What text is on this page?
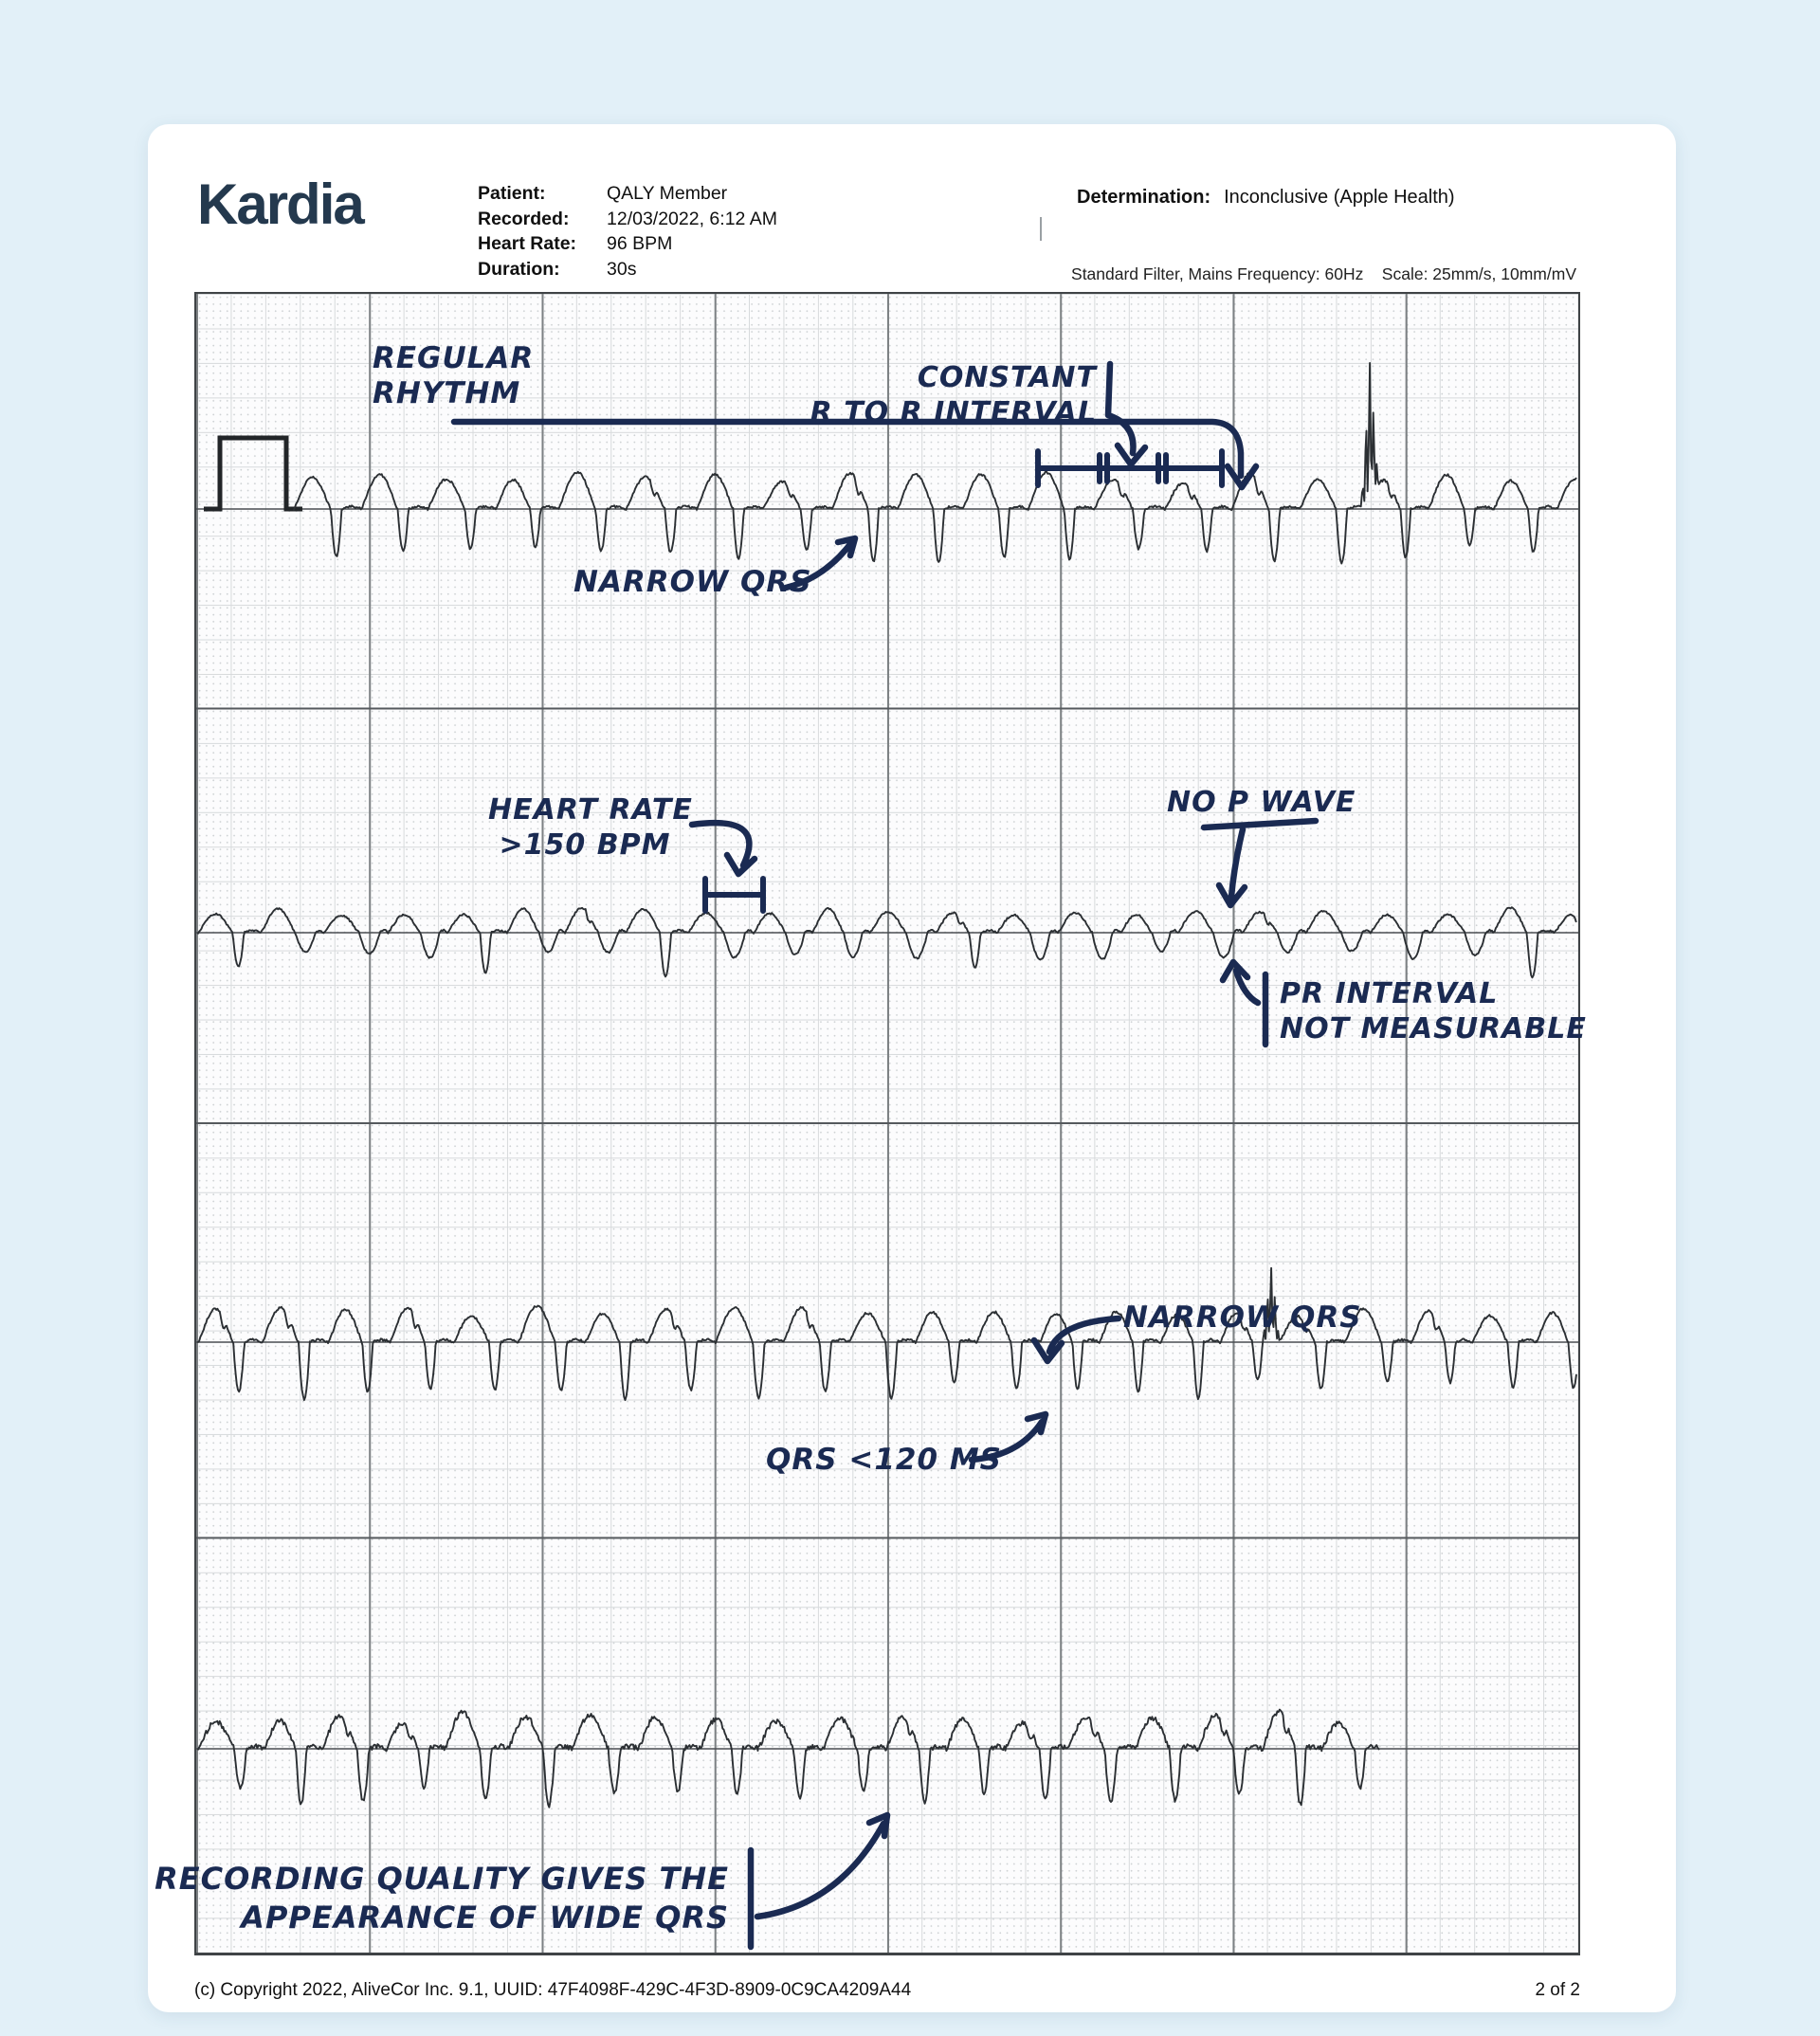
Kardia	Patient:	QALY Member
Recorded:	12/03/2022, 6:12 AM
Heart Rate:	96 BPM
Duration:	30s
Determination: Inconclusive (Apple Health)
Standard Filter, Mains Frequency: 60Hz    Scale: 25mm/s, 10mm/mV
REGULAR
RHYTHM	CONSTANT
R TO R INTERVAL
NARROW QRS
HEART RATE
>150 BPM
NO P WAVE
PR INTERVAL
NOT MEASURABLE
NARROW QRS
QRS <120 MS
RECORDING QUALITY GIVES THE
APPEARANCE OF WIDE QRS
(c) Copyright 2022, AliveCor Inc. 9.1, UUID: 47F4098F-429C-4F3D-8909-0C9CA4209A44	2 of 2
